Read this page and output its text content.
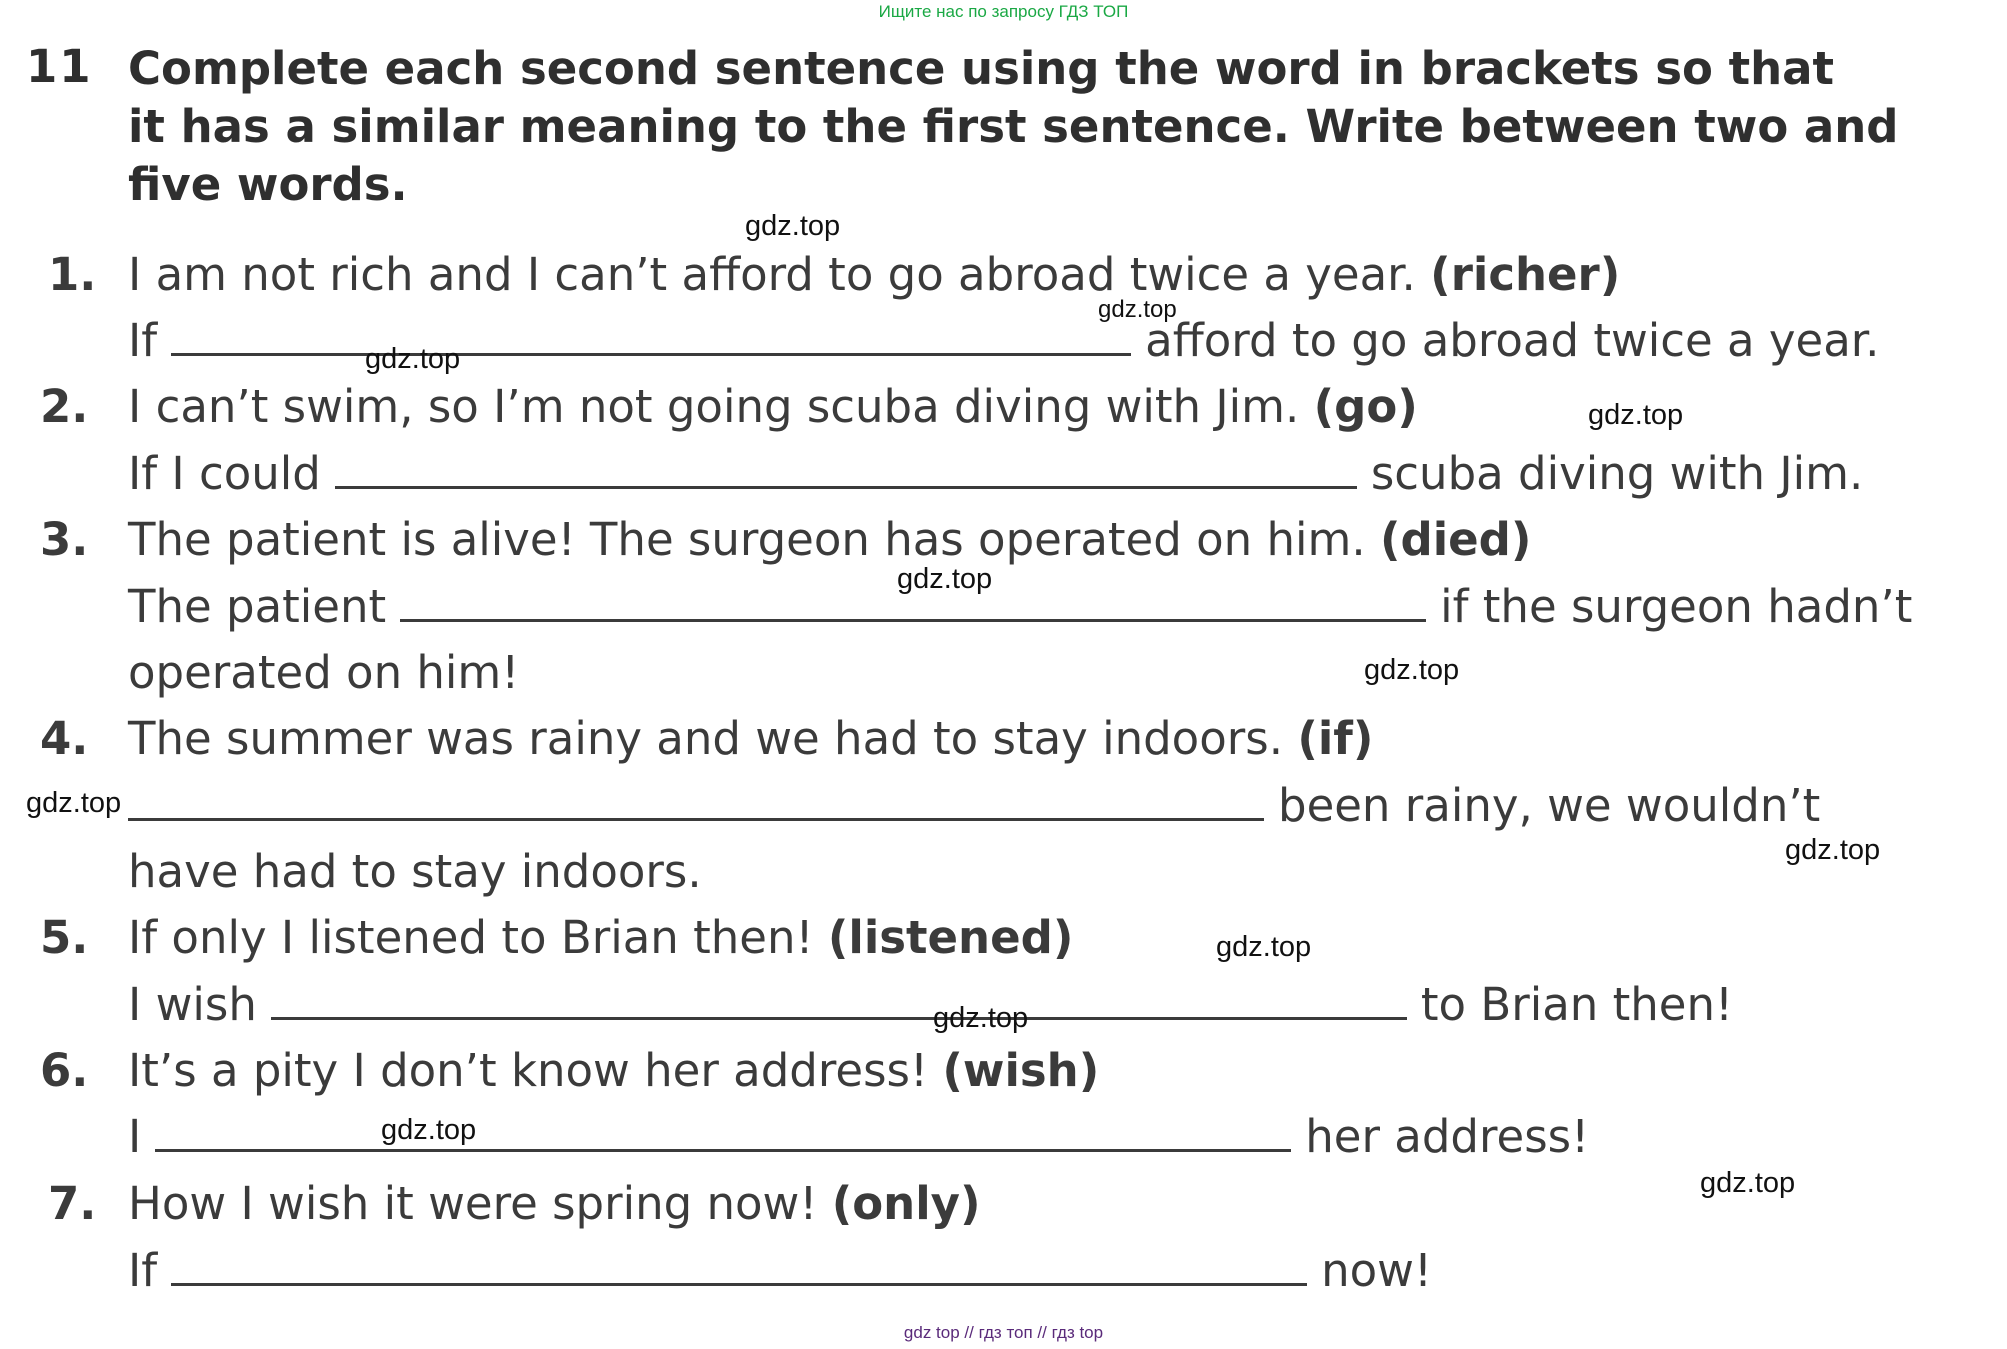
Ищите нас по запросу ГДЗ ТОП
11 Complete each second sentence using the word in brackets so that
it has a similar meaning to the first sentence. Write between two and
five words.
1. I am not rich and I can’t afford to go abroad twice a year. (richer)
If	afford to go abroad twice a year.
2. I can’t swim, so I’m not going scuba diving with Jim. (go)
If I could	scuba diving with Jim.
3. The patient is alive! The surgeon has operated on him. (died)
The patient	if the surgeon hadn’t
operated on him!
4. The summer was rainy and we had to stay indoors. (if)
been rainy, we wouldn’t
have had to stay indoors.
5. If only I listened to Brian then! (listened)
I wish	to Brian then!
6. It’s a pity I don’t know her address! (wish)
I	her address!
7. How I wish it were spring now! (only)
If	now!
gdz.top
gdz.top
gdz.top
gdz.top
gdz.top
gdz.top
gdz.top
gdz.top
gdz.top
gdz.top
gdz.top
gdz.top
gdz top // гдз топ // гдз top
